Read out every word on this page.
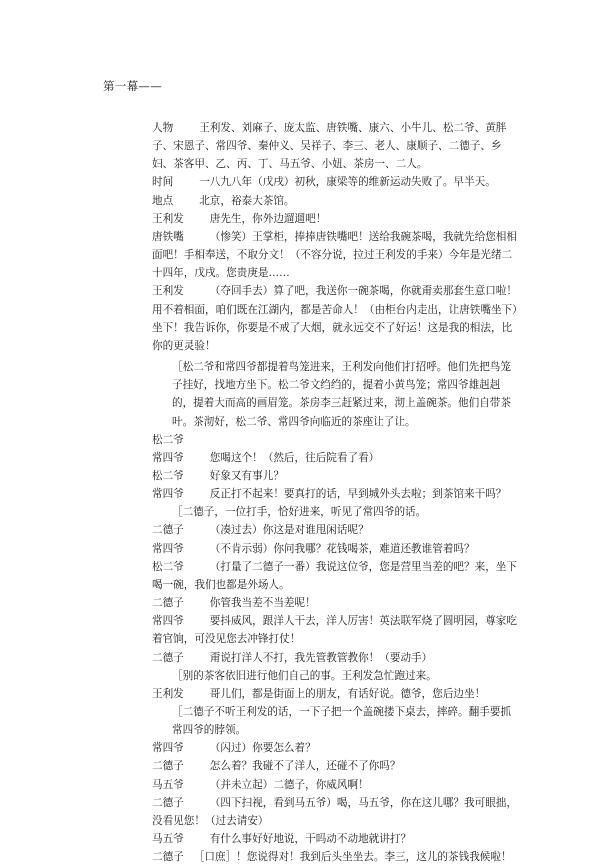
第一幕——

人物 王利发、刘麻子、庞太监、唐铁嘴、康六、小牛儿、松二爷、黄胖子、宋恩子、常四爷、秦仲义、吴祥子、李三、老人、康顺子、二德子、乡妇、茶客甲、乙、丙、丁、马五爷、小妞、茶房一、二人。

时间 一八九八年（戊戌）初秋，康梁等的维新运动失败了。早半天。

地点 北京，裕泰大茶馆。

王利发 唐先生，你外边遛遛吧！

唐铁嘴 （惨笑）王掌柜，捧捧唐铁嘴吧！送给我碗茶喝，我就先给您相相面吧！手相奉送，不取分文！（不容分说，拉过王利发的手来）今年是光绪二十四年，戊戌。您贵庚是……

王利发 （夺回手去）算了吧，我送你一碗茶喝，你就甭卖那套生意口啦！用不着相面，咱们既在江湖内，都是苦命人！（由柜台内走出，让唐铁嘴坐下）坐下！我告诉你，你要是不戒了大烟，就永远交不了好运！这是我的相法，比你的更灵验！

［松二爷和常四爷都提着鸟笼进来，王利发向他们打招呼。他们先把鸟笼子挂好，找地方坐下。松二爷文绉绉的，提着小黄鸟笼；常四爷雄赳赳的，提着大而高的画眉笼。茶房李三赶紧过来，沏上盖碗茶。他们自带茶叶。茶沏好，松二爷、常四爷向临近的茶座让了让。

松二爷

常四爷 您喝这个！（然后，往后院看了看）

松二爷 好象又有事儿？

常四爷 反正打不起来！要真打的话，早到城外头去啦；到茶馆来干吗？

［二德子，一位打手，恰好进来，听见了常四爷的话。

二德子 （凑过去）你这是对谁甩闲话呢？

常四爷 （不肯示弱）你问我哪？花钱喝茶，难道还教谁管着吗？

松二爷 （打量了二德子一番）我说这位爷，您是营里当差的吧？来，坐下喝一碗，我们也都是外场人。

二德子 你管我当差不当差呢！

常四爷 要抖威风，跟洋人干去，洋人厉害！英法联军烧了圆明园，尊家吃着官饷，可没见您去冲锋打仗！

二德子 甭说打洋人不打，我先管教管教你！（要动手）

［别的茶客依旧进行他们自己的事。王利发急忙跑过来。

王利发 哥儿们，都是街面上的朋友，有话好说。德爷，您后边坐！

［二德子不听王利发的话，一下子把一个盖碗搂下桌去，摔碎。翻手要抓常四爷的脖领。

常四爷 （闪过）你要怎么着？

二德子 怎么着？我碰不了洋人，还碰不了你吗？

马五爷 （并未立起）二德子，你威风啊！

二德子 （四下扫视，看到马五爷）喝，马五爷，你在这儿哪？我可眼拙，没看见您！（过去请安）

马五爷 有什么事好好地说，干吗动不动地就讲打？

二德子 ［口庶］！您说得对！我到后头坐坐去。李三，这儿的茶钱我候啦！
